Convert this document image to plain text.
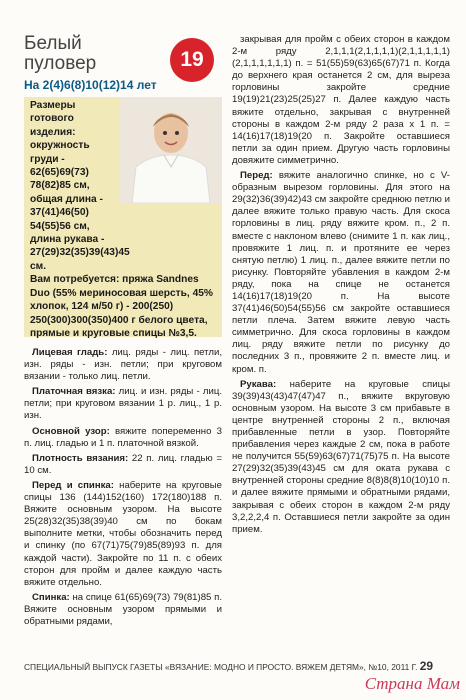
Белый
пуловер
На 2(4)6(8)10(12)14 лет
19
Размеры готового изделия: окружность груди - 62(65)69(73) 78(82)85 см, общая длина - 37(41)46(50) 54(55)56 см, длина рукава - 27(29)32(35)39(43)45 см.
Вам потребуется: пряжа Sandnes Duo (55% мериносовая шерсть, 45% хлопок, 124 м/50 г) - 200(250) 250(300)300(350)400 г белого цвета, прямые и круговые спицы №3,5.

Лицевая гладь: лиц. ряды - лиц. петли, изн. ряды - изн. петли; при круговом вязании - только лиц. петли.

Платочная вязка: лиц. и изн. ряды - лиц. петли; при круговом вязании 1 р. лиц., 1 р. изн.

Основной узор: вяжите попеременно 3 п. лиц. гладью и 1 п. платочной вязкой.

Плотность вязания: 22 п. лиц. гладью = 10 см.

Перед и спинка: наберите на круговые спицы 136 (144)152(160) 172(180)188 п. Вяжите основным узором. На высоте 25(28)32(35)38(39)40 см по бокам выполните метки, чтобы обозначить перед и спинку (по 67(71)75(79)85(89)93 п. для каждой части). Закройте по 11 п. с обеих сторон для пройм и далее каждую часть вяжите отдельно.

Спинка: на спице 61(65)69(73) 79(81)85 п. Вяжите основным узором прямыми и обратными рядами,

закрывая для пройм с обеих сторон в каждом 2-м ряду 2,1,1,1(2,1,1,1,1)(2,1,1,1,1,1)(2,1,1,1,1,1,1) п. = 51(55)59(63)65(67)71 п. Когда до верхнего края останется 2 см, для выреза горловины закройте средние 19(19)21(23)25(25)27 п. Далее каждую часть вяжите отдельно, закрывая с внутренней стороны в каждом 2-м ряду 2 раза х 1 п. = 14(16)17(18)19(20 п. Закройте оставшиеся петли за один прием. Другую часть горловины довяжите симметрично.

Перед: вяжите аналогично спинке, но с V-образным вырезом горловины. Для этого на 29(32)36(39)42)43 см закройте среднюю петлю и далее вяжите только правую часть. Для скоса горловины в лиц. ряду вяжите кром. п., 2 п. вместе с наклоном влево (снимите 1 п. как лиц., провяжите 1 лиц. п. и протяните ее через снятую петлю) 1 лиц. п., далее вяжите петли по рисунку. Повторяйте убавления в каждом 2-м ряду, пока на спице не останется 14(16)17(18)19(20 п. На высоте 37(41)46(50)54(55)56 см закройте оставшиеся петли плеча. Затем вяжите левую часть симметрично. Для скоса горловины в каждом лиц. ряду вяжите петли по рисунку до последних 3 п., провяжите 2 п. вместе лиц. и кром. п.

Рукава: наберите на круговые спицы 39(39)43(43)47(47)47 п., вяжите вкруговую основным узором. На высоте 3 см прибавьте в центре внутренней стороны 2 п., включая прибавленные петли в узор. Повторяйте прибавления через каждые 2 см, пока в работе не получится 55(59)63(67)71(75)75 п. На высоте 27(29)32(35)39(43)45 см для оката рукава с внутренней стороны средние 8(8)8(8)10(10)10 п. и далее вяжите прямыми и обратными рядами, закрывая с обеих сторон в каждом 2-м ряду 3,2,2,2,4 п. Оставшиеся петли закройте за один прием.

СПЕЦИАЛЬНЫЙ ВЫПУСК ГАЗЕТЫ «ВЯЗАНИЕ: МОДНО И ПРОСТО. ВЯЖЕМ ДЕТЯМ», №10, 2011 Г. 29
Страна Мам
